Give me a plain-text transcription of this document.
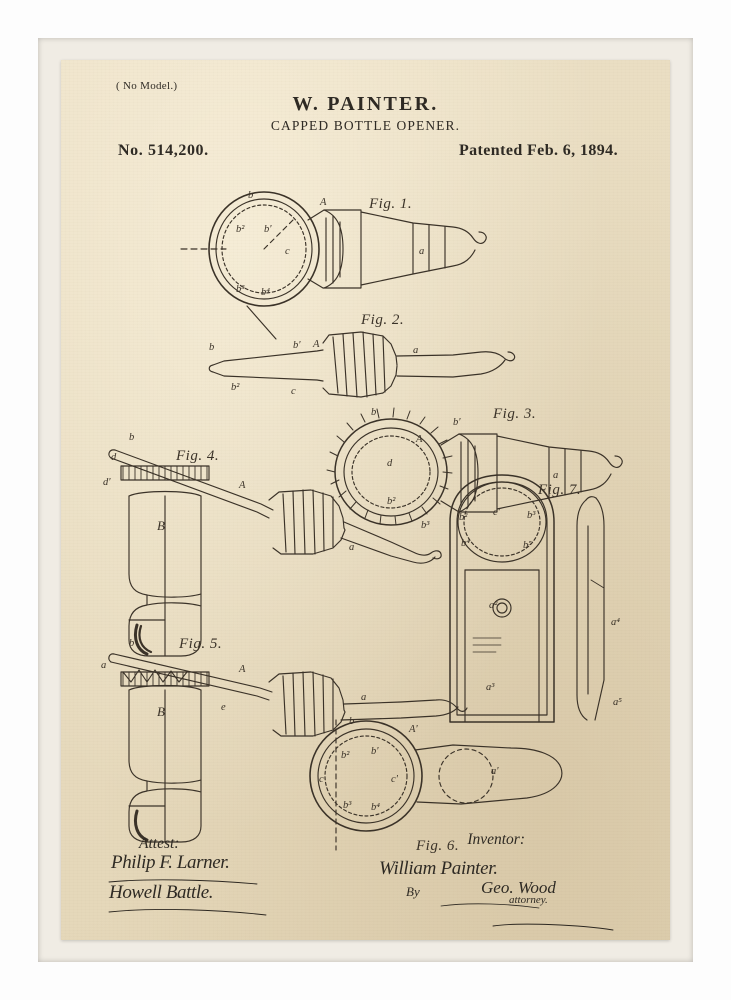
( No Model.)
W. PAINTER.
CAPPED BOTTLE OPENER.
No. 514,200.	Patented Feb. 6, 1894.
Fig. 1.
b
A
b² b'
c
b³ b⁴
a
Fig. 2.
b	b' A
a
b²	c
Fig. 3.
b
b'
A
d
a
b²
b³
Fig. 4.
b
d
d'	A
B
a
Fig. 7.
b² c'	b³
b⁴	b⁵
a²
a³
a⁴
a⁵
Fig. 5.
b
A
a
e
B
a
Fig. 6.
b
A'
b² b'
c	c'
b³ b⁴
a'
Attest:
Philip F. Larner.
Howell Battle.
Inventor:
William Painter.
By	Geo. Wood
attorney.
